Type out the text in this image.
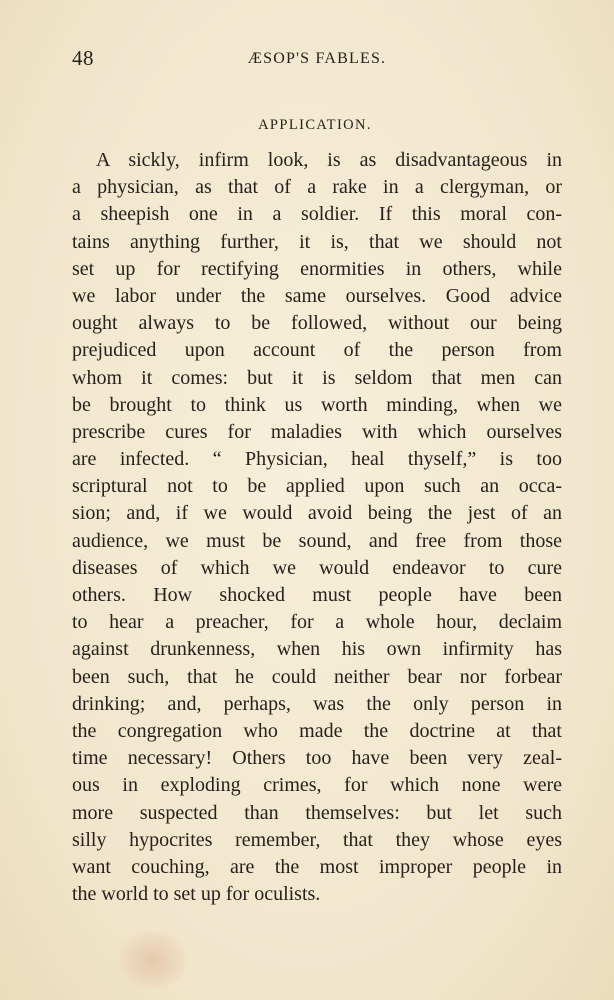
48	ÆSOP'S FABLES.
APPLICATION.
A sickly, infirm look, is as disadvantageous in
a physician, as that of a rake in a clergyman, or
a sheepish one in a soldier. If this moral con-
tains anything further, it is, that we should not
set up for rectifying enormities in others, while
we labor under the same ourselves. Good advice
ought always to be followed, without our being
prejudiced upon account of the person from
whom it comes: but it is seldom that men can
be brought to think us worth minding, when we
prescribe cures for maladies with which ourselves
are infected. “ Physician, heal thyself,” is too
scriptural not to be applied upon such an occa-
sion; and, if we would avoid being the jest of an
audience, we must be sound, and free from those
diseases of which we would endeavor to cure
others. How shocked must people have been
to hear a preacher, for a whole hour, declaim
against drunkenness, when his own infirmity has
been such, that he could neither bear nor forbear
drinking; and, perhaps, was the only person in
the congregation who made the doctrine at that
time necessary! Others too have been very zeal-
ous in exploding crimes, for which none were
more suspected than themselves: but let such
silly hypocrites remember, that they whose eyes
want couching, are the most improper people in
the world to set up for oculists.
